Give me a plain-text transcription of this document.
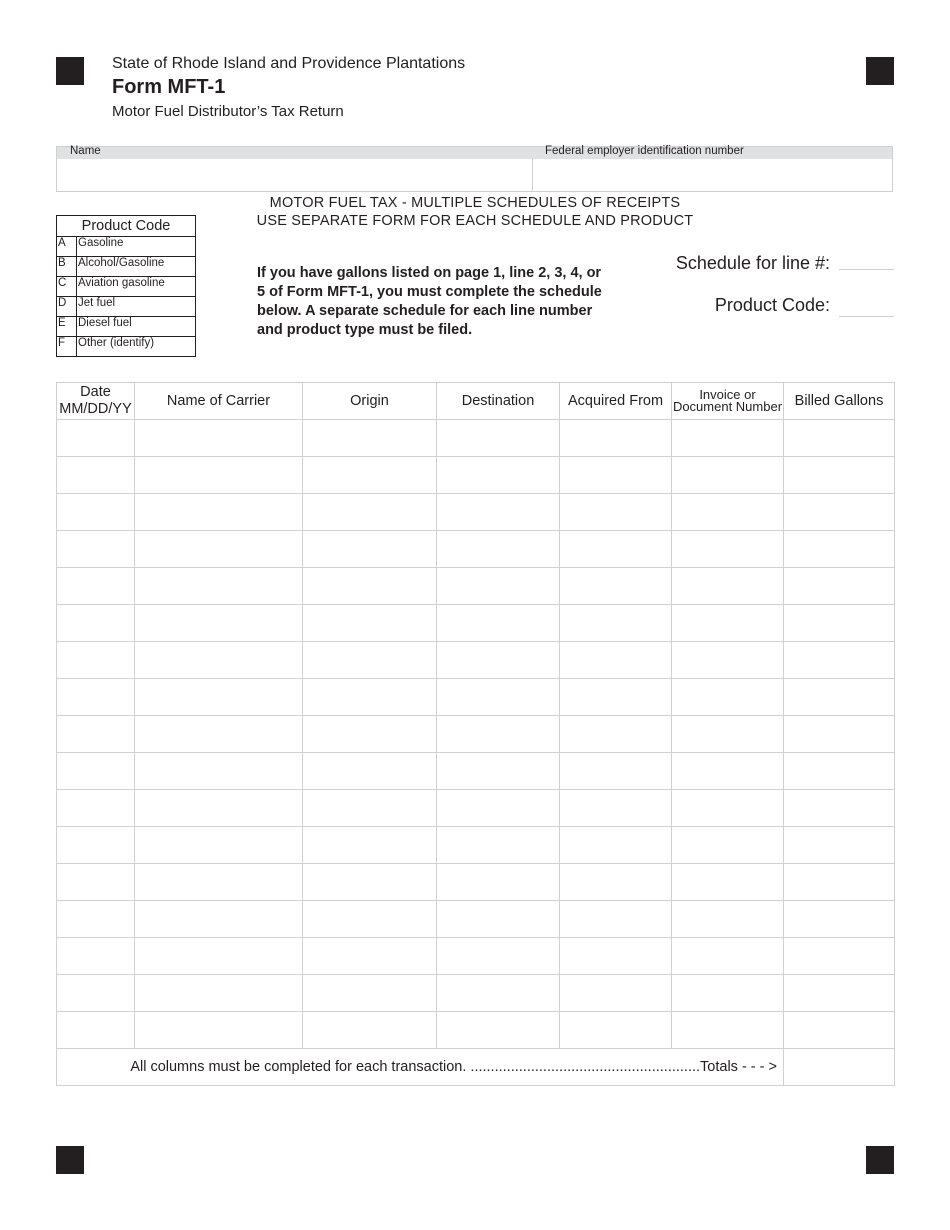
State of Rhode Island and Providence Plantations
Form MFT-1
Motor Fuel Distributor’s Tax Return
Name	Federal employer identification number
MOTOR FUEL TAX - MULTIPLE SCHEDULES OF RECEIPTS
USE SEPARATE FORM FOR EACH SCHEDULE AND PRODUCT
Product Code	
A	Gasoline
B	Alcohol/Gasoline
C	Aviation gasoline
D	Jet fuel
E	Diesel fuel
F	Other (identify)
If you have gallons listed on page 1, line 2, 3, 4, or 5 of Form MFT-1, you must complete the schedule below. A separate schedule for each line number and product type must be filed.
Schedule for line #:
Product Code:
Date MM/DD/YY	Name of Carrier	Origin	Destination	Acquired From	Invoice or Document Number	Billed Gallons

All columns must be completed for each transaction. .........................................................Totals - - - >						
